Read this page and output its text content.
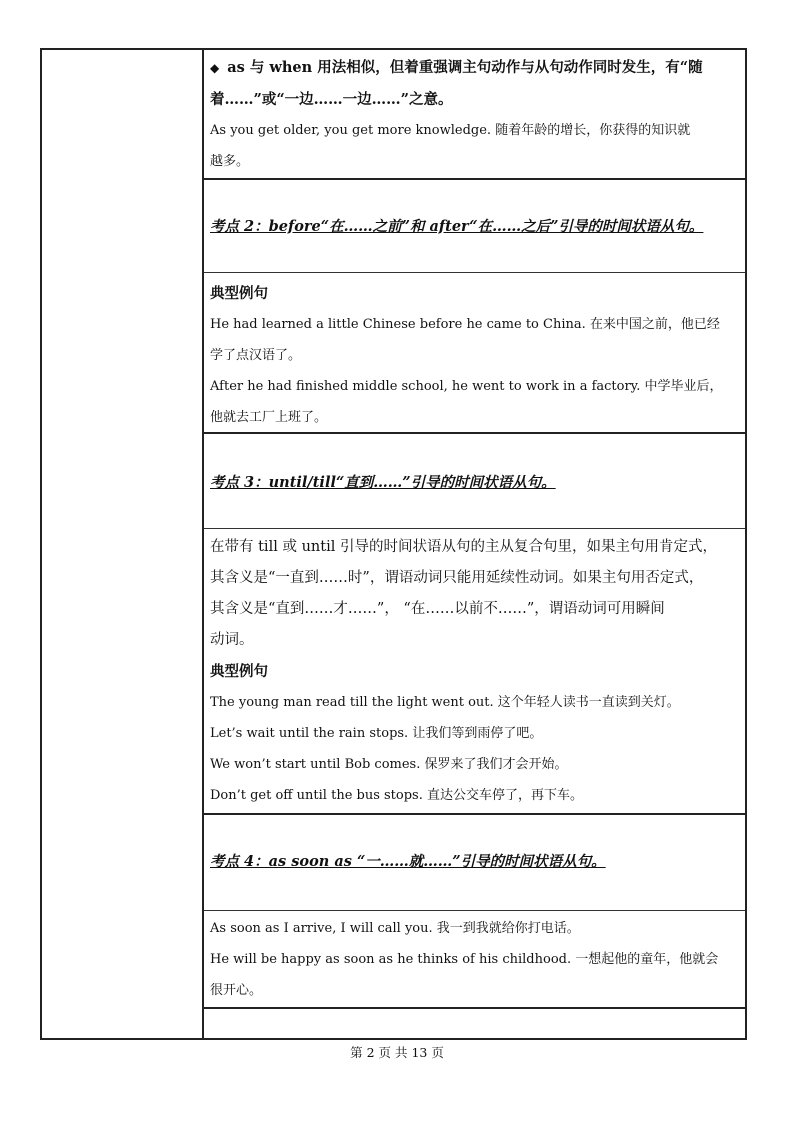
◆ as 与 when 用法相似，但着重强调主句动作与从句动作同时发生，有“随
着……”或“一边……一边……”之意。
As you get older, you get more knowledge. 随着年龄的增长，你获得的知识就
越多。
考点 2：before“在……之前”和 after“在……之后”引导的时间状语从句。
典型例句
He had learned a little Chinese before he came to China. 在来中国之前，他已经
学了点汉语了。
After he had finished middle school, he went to work in a factory. 中学毕业后，
他就去工厂上班了。
考点 3：until/till“直到……”引导的时间状语从句。
在带有 till 或 until 引导的时间状语从句的主从复合句里，如果主句用肯定式，
其含义是“一直到……时”，谓语动词只能用延续性动词。如果主句用否定式，
其含义是“直到……才……”， “在……以前不……”，谓语动词可用瞬间
动词。
典型例句
The young man read till the light went out. 这个年轻人读书一直读到关灯。
Let’s wait until the rain stops. 让我们等到雨停了吧。
We won’t start until Bob comes. 保罗来了我们才会开始。
Don’t get off until the bus stops. 直达公交车停了，再下车。
考点 4：as soon as “一……就……”引导的时间状语从句。
As soon as I arrive, I will call you. 我一到我就给你打电话。
He will be happy as soon as he thinks of his childhood. 一想起他的童年，他就会
很开心。
第 2 页 共 13 页
